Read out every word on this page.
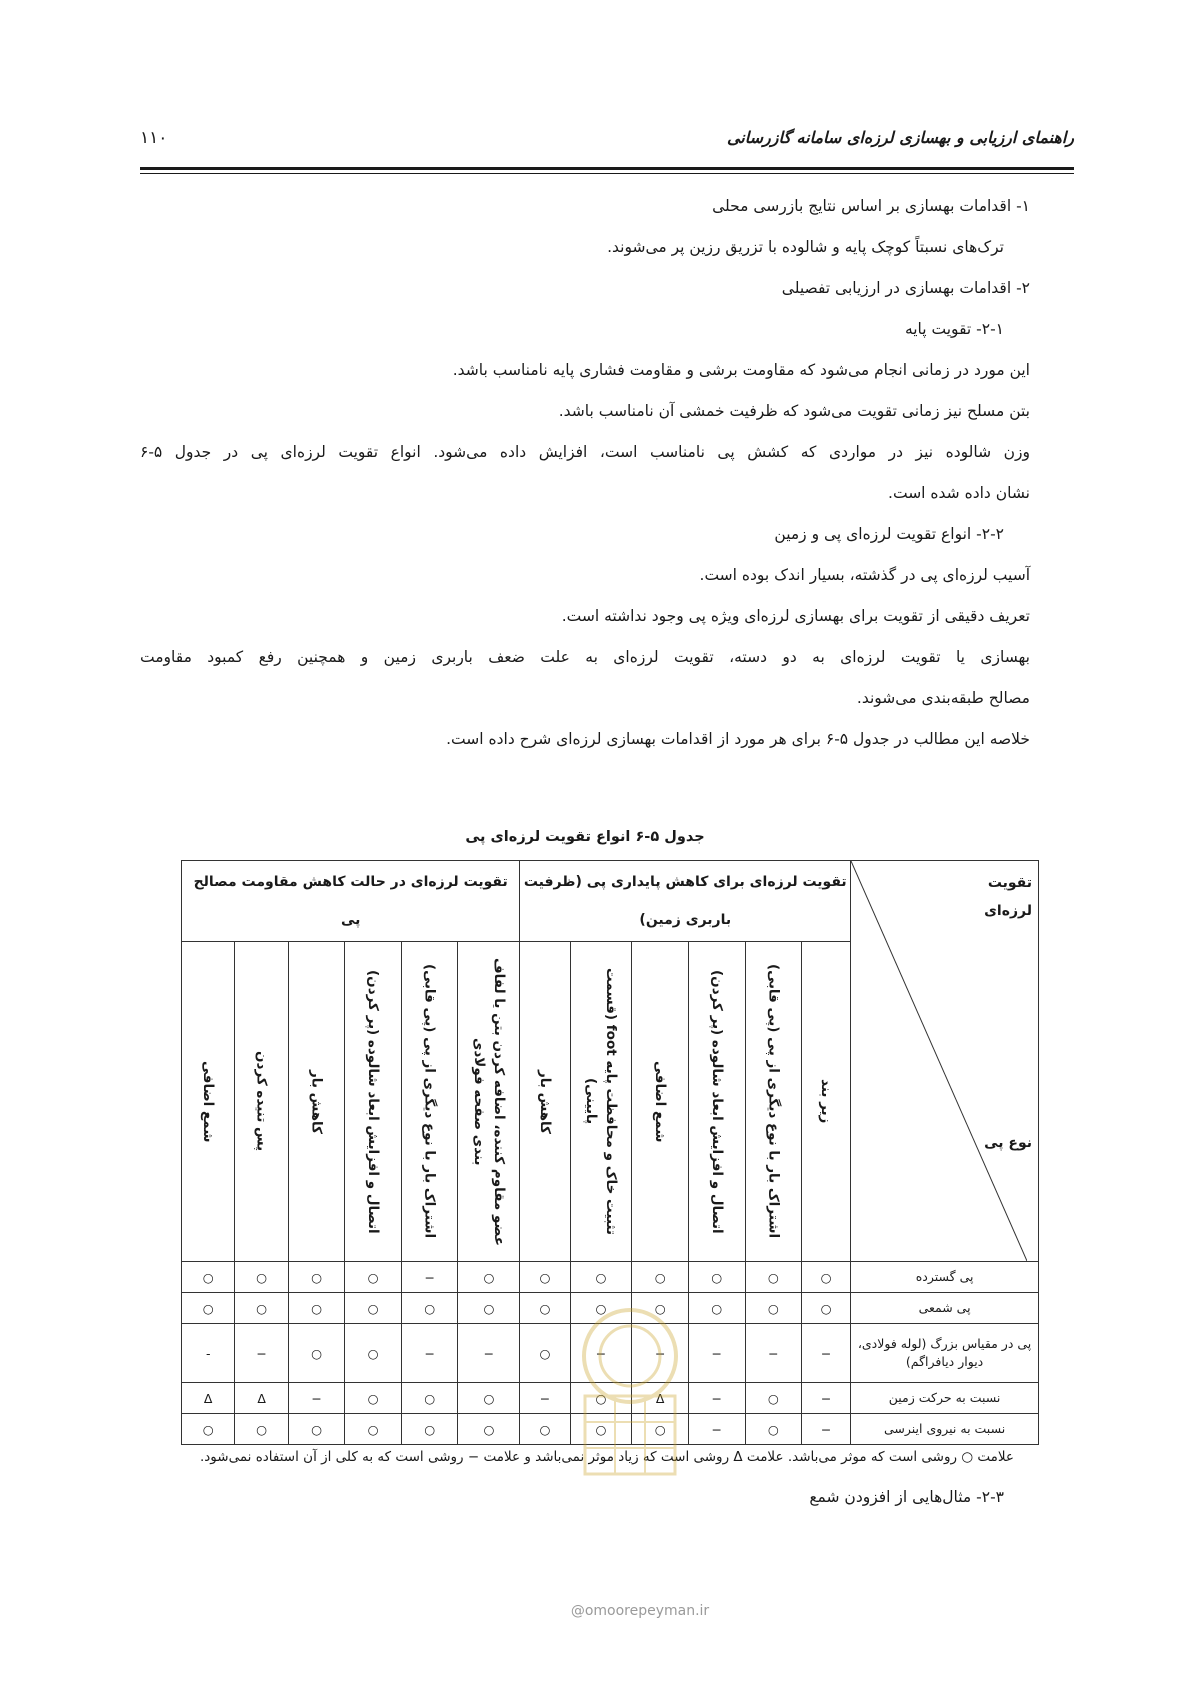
۱۱۰	راهنمای ارزیابی و بهسازی لرزه‌ای سامانه گازرسانی
۱- اقدامات بهسازی بر اساس نتایج بازرسی محلی
ترک‌های نسبتاً کوچک پایه و شالوده با تزریق رزین پر می‌شوند.
۲- اقدامات بهسازی در ارزیابی تفصیلی
۲-۱- تقویت پایه
این مورد در زمانی انجام می‌شود که مقاومت برشی و مقاومت فشاری پایه نامناسب باشد.
بتن مسلح نیز زمانی تقویت می‌شود که ظرفیت خمشی آن نامناسب باشد.
وزن شالوده نیز در مواردی که کشش پی نامناسب است، افزایش داده می‌شود. انواع تقویت لرزه‌ای پی در جدول ۵-۶
نشان داده شده است.
۲-۲- انواع تقویت لرزه‌ای پی و زمین
آسیب لرزه‌ای پی در گذشته، بسیار اندک بوده است.
تعریف دقیقی از تقویت برای بهسازی لرزه‌ای ویژه پی وجود نداشته است.
بهسازی یا تقویت لرزه‌ای به دو دسته، تقویت لرزه‌ای به علت ضعف باربری زمین و همچنین رفع کمبود مقاومت
مصالح طبقه‌بندی می‌شوند.
خلاصه این مطالب در جدول ۵-۶ برای هر مورد از اقدامات بهسازی لرزه‌ای شرح داده است.
جدول ۵-۶ انواع تقویت لرزه‌ای پی
تقویت لرزه‌ای
نوع پی	تقویت لرزه‌ای برای کاهش پایداری پی (ظرفیت باربری زمین)						تقویت لرزه‌ای در حالت کاهش مقاومت مصالح پی					

	زیر بند	اشتراک بار با نوع دیگری از پی (پی قابی)	اتصال و افزایش ابعاد شالوده (پر کردن)	شمع اضافی	تثبیت خاک و محافظت پایه foot (قسمت پایینی)	کاهش بار	عضو مقاوم کننده، اضافه کردن بتن یا لفاف بندی صفحه فولادی	اشتراک بار با نوع دیگری از پی (پی قابی)	اتصال و افزایش ابعاد شالوده (پر کردن)	کاهش بار	پس تنیده کردن	شمع اضافی

پی گسترده	○	○	○	○	○	○	○	−	○	○	○	○
پی شمعی	○	○	○	○	○	○	○	○	○	○	○	○
پی در مقیاس بزرگ (لوله فولادی، دیوار دیافراگم)	−	−	−	−	−	○	−	−	○	○	−	-
نسبت به حرکت زمین	−	○	−	Δ	○	−	○	○	○	−	Δ	Δ
نسبت به نیروی اینرسی	−	○	−	○	○	○	○	○	○	○	○	○
علامت ○ روشی است که موثر می‌باشد. علامت Δ روشی است که زیاد موثر نمی‌باشد و علامت − روشی است که به کلی از آن استفاده نمی‌شود.
۲-۳- مثال‌هایی از افزودن شمع
@omoorepeyman.ir
